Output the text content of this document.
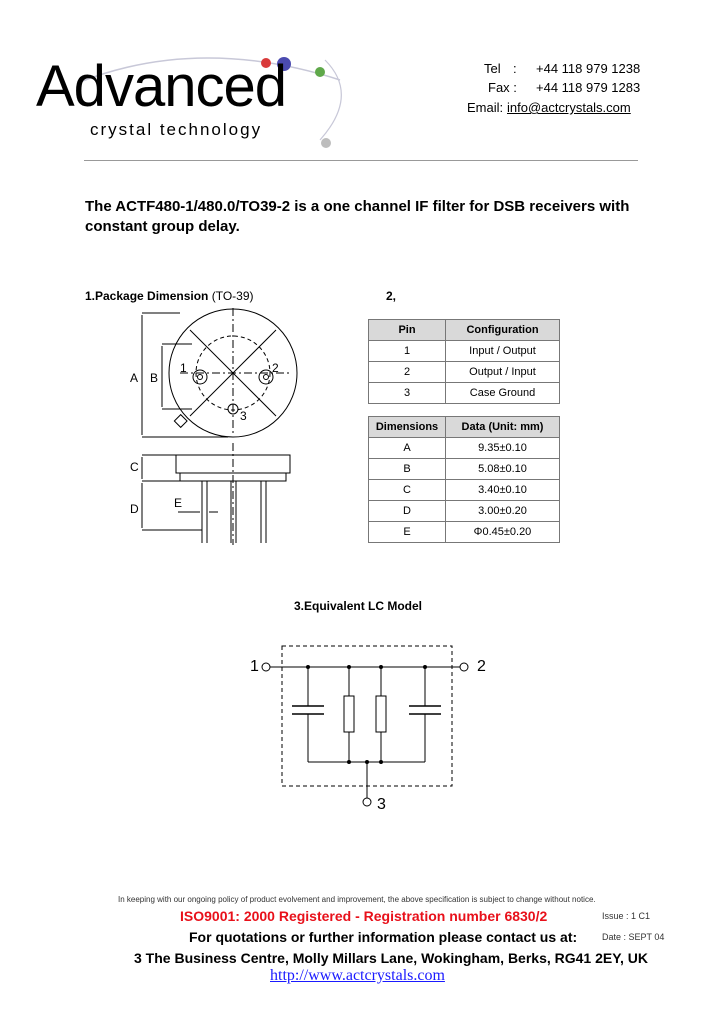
Advanced
crystal technology
Tel : +44 118 979 1238
Fax : +44 118 979 1283
Email: info@actcrystals.com
The ACTF480-1/480.0/TO39-2 is a one channel IF filter for DSB receivers with constant group delay.
1.Package Dimension (TO-39)
A B
C
D	E
1	2
3
2,
Pin	Configuration
1	Input / Output
2	Output / Input
3	Case Ground
Dimensions	Data (Unit: mm)
A	9.35±0.10
B	5.08±0.10
C	3.40±0.10
D	3.00±0.20
E	Φ0.45±0.20
3.Equivalent LC Model
1	2
3
In keeping with our ongoing policy of product evolvement and improvement, the above specification is subject to change without notice.
ISO9001: 2000 Registered - Registration number 6830/2
For quotations or further information please contact us at:
3 The Business Centre, Molly Millars Lane, Wokingham, Berks, RG41 2EY, UK
http://www.actcrystals.com
Issue : 1 C1
Date : SEPT 04
